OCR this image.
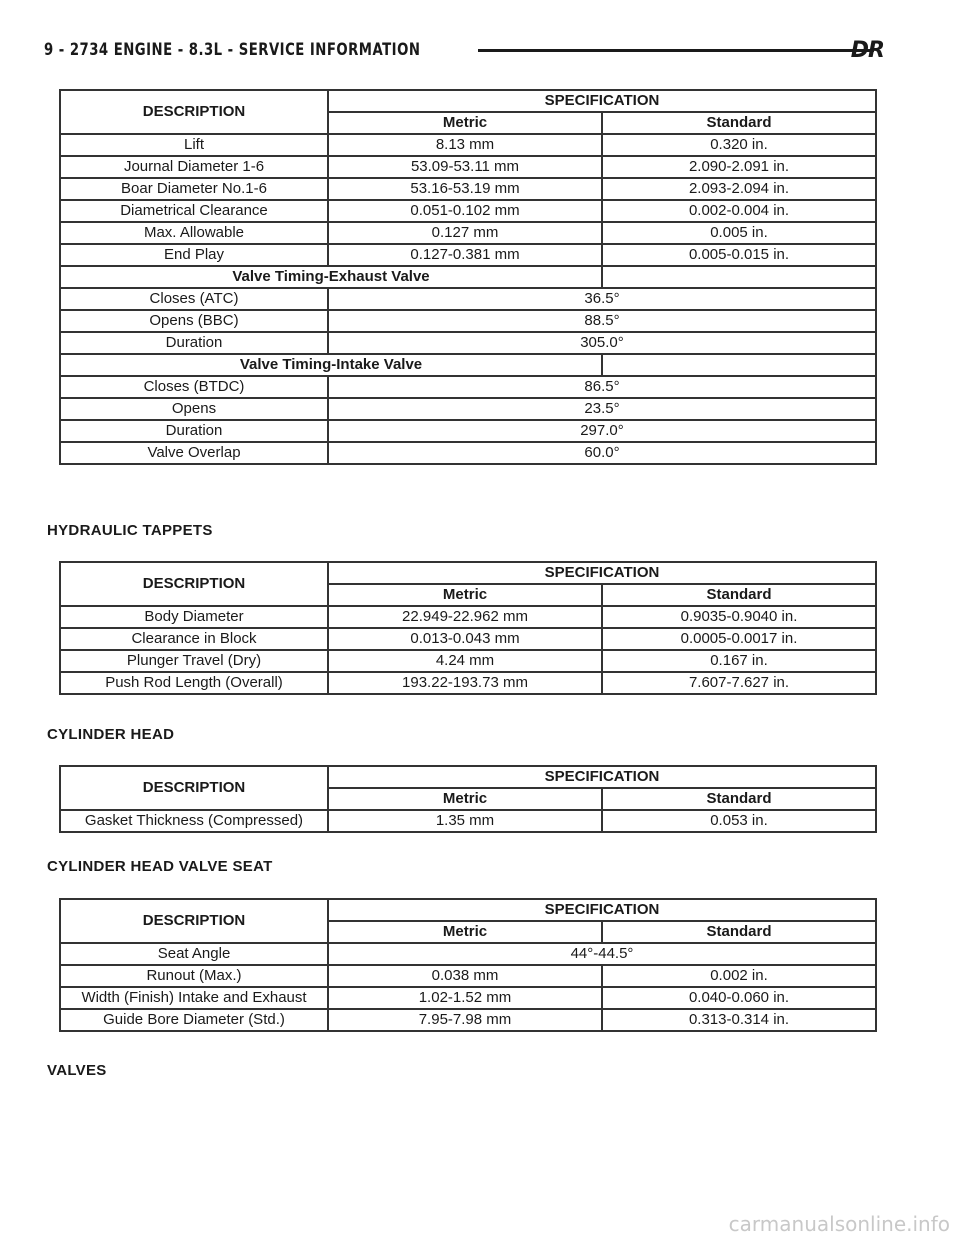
9 - 2734 ENGINE - 8.3L - SERVICE INFORMATION	DR
DESCRIPTION	SPECIFICATION	
	Metric	Standard
Lift	8.13 mm	0.320 in.
Journal Diameter 1-6	53.09-53.11 mm	2.090-2.091 in.
Boar Diameter No.1-6	53.16-53.19 mm	2.093-2.094 in.
Diametrical Clearance	0.051-0.102 mm	0.002-0.004 in.
Max. Allowable	0.127 mm	0.005 in.
End Play	0.127-0.381 mm	0.005-0.015 in.
Valve Timing-Exhaust Valve		
Closes (ATC)	36.5°	
Opens (BBC)	88.5°	
Duration	305.0°	
Valve Timing-Intake Valve		
Closes (BTDC)	86.5°	
Opens	23.5°	
Duration	297.0°	
Valve Overlap	60.0°	
HYDRAULIC TAPPETS
DESCRIPTION	SPECIFICATION	
	Metric	Standard
Body Diameter	22.949-22.962 mm	0.9035-0.9040 in.
Clearance in Block	0.013-0.043 mm	0.0005-0.0017 in.
Plunger Travel (Dry)	4.24 mm	0.167 in.
Push Rod Length (Overall)	193.22-193.73 mm	7.607-7.627 in.
CYLINDER HEAD
DESCRIPTION	SPECIFICATION	
	Metric	Standard
Gasket Thickness (Compressed)	1.35 mm	0.053 in.
CYLINDER HEAD VALVE SEAT
DESCRIPTION	SPECIFICATION	
	Metric	Standard
Seat Angle	44°-44.5°	
Runout (Max.)	0.038 mm	0.002 in.
Width (Finish) Intake and Exhaust	1.02-1.52 mm	0.040-0.060 in.
Guide Bore Diameter (Std.)	7.95-7.98 mm	0.313-0.314 in.
VALVES
carmanualsonline.info
